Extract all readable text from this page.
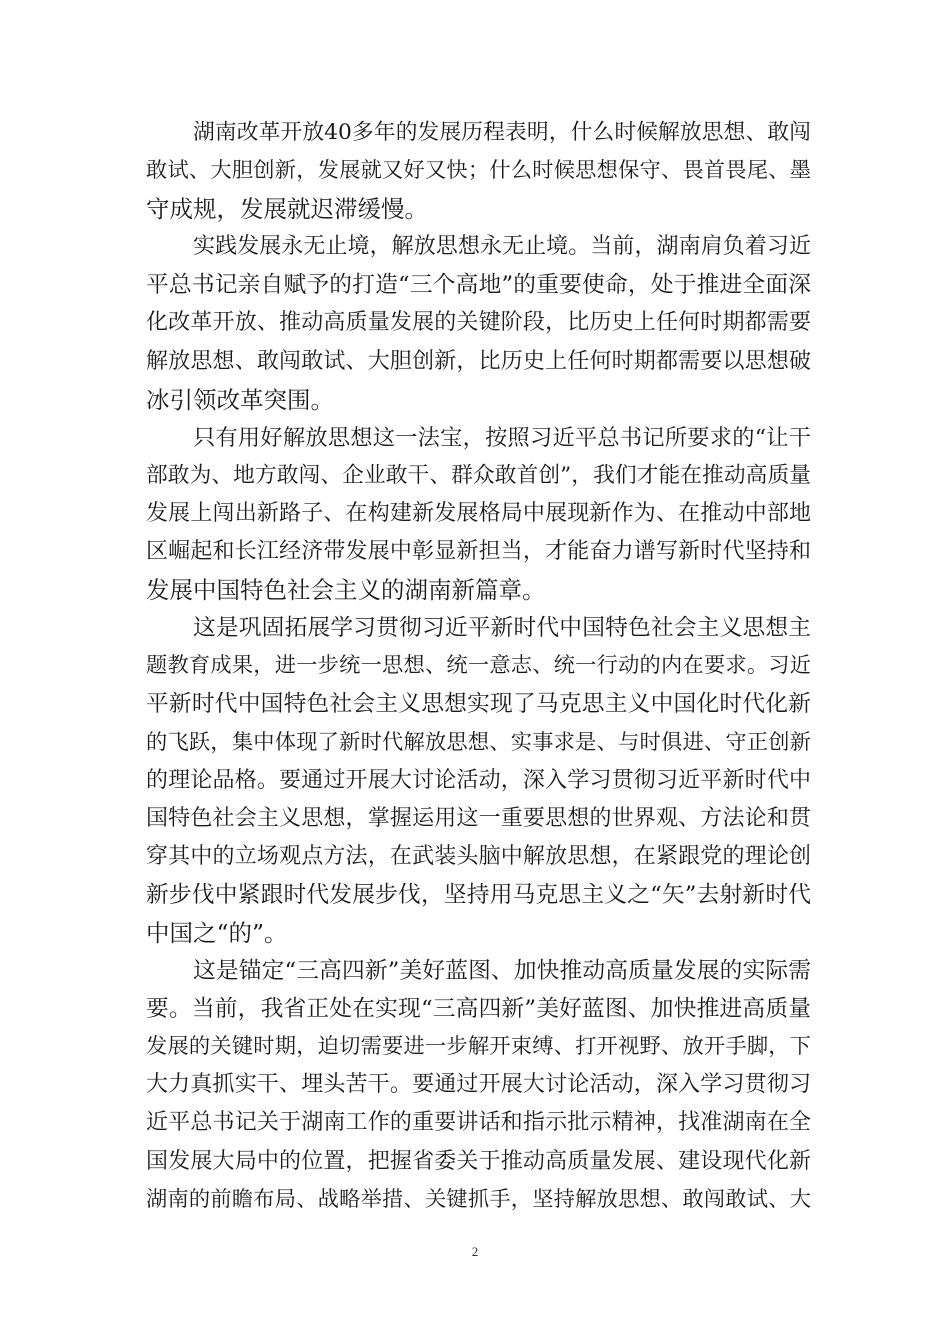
湖南改革开放40多年的发展历程表明，什么时候解放思想、敢闯
敢试、大胆创新，发展就又好又快；什么时候思想保守、畏首畏尾、墨
守成规，发展就迟滞缓慢。
实践发展永无止境，解放思想永无止境。当前，湖南肩负着习近
平总书记亲自赋予的打造“三个高地”的重要使命，处于推进全面深
化改革开放、推动高质量发展的关键阶段，比历史上任何时期都需要
解放思想、敢闯敢试、大胆创新，比历史上任何时期都需要以思想破
冰引领改革突围。
只有用好解放思想这一法宝，按照习近平总书记所要求的“让干
部敢为、地方敢闯、企业敢干、群众敢首创”，我们才能在推动高质量
发展上闯出新路子、在构建新发展格局中展现新作为、在推动中部地
区崛起和长江经济带发展中彰显新担当，才能奋力谱写新时代坚持和
发展中国特色社会主义的湖南新篇章。
这是巩固拓展学习贯彻习近平新时代中国特色社会主义思想主
题教育成果，进一步统一思想、统一意志、统一行动的内在要求。习近
平新时代中国特色社会主义思想实现了马克思主义中国化时代化新
的飞跃，集中体现了新时代解放思想、实事求是、与时俱进、守正创新
的理论品格。要通过开展大讨论活动，深入学习贯彻习近平新时代中
国特色社会主义思想，掌握运用这一重要思想的世界观、方法论和贯
穿其中的立场观点方法，在武装头脑中解放思想，在紧跟党的理论创
新步伐中紧跟时代发展步伐，坚持用马克思主义之“矢”去射新时代
中国之“的”。
这是锚定“三高四新”美好蓝图、加快推动高质量发展的实际需
要。当前，我省正处在实现“三高四新”美好蓝图、加快推进高质量
发展的关键时期，迫切需要进一步解开束缚、打开视野、放开手脚，下
大力真抓实干、埋头苦干。要通过开展大讨论活动，深入学习贯彻习
近平总书记关于湖南工作的重要讲话和指示批示精神，找准湖南在全
国发展大局中的位置，把握省委关于推动高质量发展、建设现代化新
湖南的前瞻布局、战略举措、关键抓手，坚持解放思想、敢闯敢试、大
2
